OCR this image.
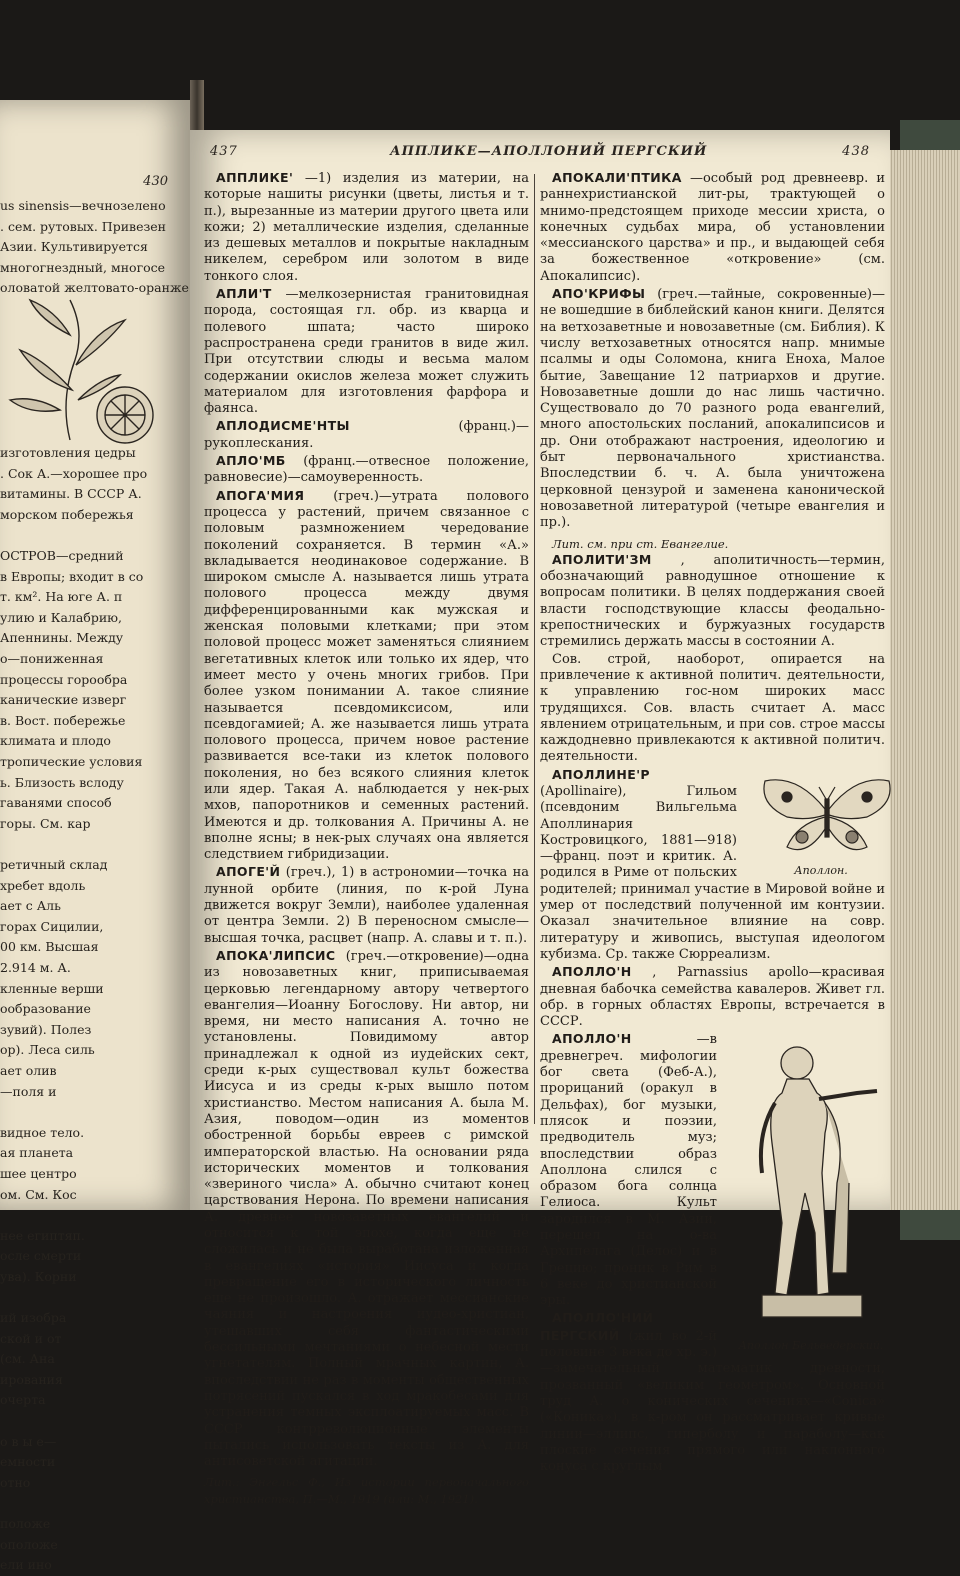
430
us sinensis—вечнозелено
. сем. рутовых. Привезен
Азии. Культивируется
многогнездный, многосе
оловатой желтовато-оранже

изготовления цедры
. Сок А.—хорошее про
витамины. В СССР А.
морском побережья

ОСТРОВ—средний
в Европы; входит в со
т. км². На юге А. п
улию и Калабрию,
Апеннины. Между
о—пониженная
процессы горообра
канические изверг
в. Вост. побережье
климата и плодо
тропические условия
ь. Близость вслоду
гаванями способ
горы. См. кар

ретичный склад
хребет вдоль
ает с Аль
горах Сицилии,
00 км. Высшая
2.914 м. А.
кленные верши
ообразование
зувий). Полез
ор). Леса силь
ает олив
—поля и

видное тело.
ая планета
шее центро
ом. См. Кос

нее египтяп.
осле смерти
ува). Корни

ий изобра
ской и от
(см. Ана
ирования
очерта

о в ы е—
емности
отно

положе
оположе
ели ино
437	АППЛИКЕ—АПОЛЛОНИЙ ПЕРГСКИЙ	438

АППЛИКЕ' —1) изделия из материи, на которые нашиты рисунки (цветы, листья и т. п.), вырезанные из материи другого цвета или кожи; 2) металлические изделия, сделанные из дешевых металлов и покрытые накладным никелем, серебром или золотом в виде тонкого слоя.

АПЛИ'Т —мелкозернистая гранитовидная порода, состоящая гл. обр. из кварца и полевого шпата; часто широко распространена среди гранитов в виде жил. При отсутствии слюды и весьма малом содержании окислов железа может служить материалом для изготовления фарфора и фаянса.

АПЛОДИСМЕ'НТЫ	(франц.)—рукоплескания.

АПЛО'МБ (франц.—отвесное положение, равновесие)—самоуверенность.

АПОГА'МИЯ (греч.)—утрата полового процесса у растений, причем связанное с половым размножением чередование поколений сохраняется. В термин «А.» вкладывается неодинаковое содержание. В широком смысле А. называется лишь утрата полового процесса между двумя дифференцированными как мужская и женская половыми клетками; при этом половой процесс может заменяться слиянием вегетативных клеток или только их ядер, что имеет место у очень многих грибов. При более узком понимании А. такое слияние называется псевдомиксисом, или псевдогамией; А. же называется лишь утрата полового процесса, причем новое растение развивается все-таки из клеток полового поколения, но без всякого слияния клеток или ядер. Такая А. наблюдается у нек-рых мхов, папоротников и семенных растений. Имеются и др. толкования А. Причины А. не вполне ясны; в нек-рых случаях она является следствием гибридизации.

АПОГЕ'Й (греч.), 1) в астрономии—точка на лунной орбите (линия, по к-рой Луна движется вокруг Земли), наиболее удаленная от центра Земли. 2) В переносном смысле—высшая точка, расцвет (напр. А. славы и т. п.).

АПОКА'ЛИПСИС (греч.—откровение)—одна из новозаветных книг, приписываемая церковью легендарному автору четвертого евангелия—Иоанну Богослову. Ни автор, ни время, ни место написания А. точно не установлены. Повидимому автор принадлежал к одной из иудейских сект, среди к-рых существовал культ божества Иисуса и из среды к-рых вышло потом христианство. Местом написания А. была М. Азия, поводом—один из моментов обостренной борьбы евреев с римской императорской властью. На основании ряда исторических моментов и толкования «звериного числа» А. обычно считают конец царствования Нерона. По времени написания А. древнее новозаветных евангелий и относится к той эпохе, когда еще не сложилась и не была выработана изложенная в евангелиях «история» Иисуса и когда превращение его в исторического личность еще не произошло. А. отражает мессианские чаяния и настроения иудео-христиан, утешавших себя фантастическими бессильными мечтаниями о небесной мести угнетателям. Полный мрачных картин, А. впоследствии не раз в моменты общественных потрясений пускался в ход мракобесами для устранения темных эксплоатируемых масс. В СССР контрреволюционные элементы пытались использовать тексты из А. для антисоветской агитации.

Лит.: Энгельс Ф., Из истории первоначального христианства, П.—М., 1919 (или: М., 1921).

АПОКАЛИ'ПТИКА —особый род древнеевр. и раннехристианской лит-ры, трактующей о мнимо-предстоящем приходе мессии христа, о конечных судьбах мира, об установлении «мессианского царства» и пр., и выдающей себя за божественное «откровение» (см. Апокалипсис).

АПО'КРИФЫ (греч.—тайные, сокровенные)—не вошедшие в библейский канон книги. Делятся на ветхозаветные и новозаветные (см. Библия). К числу ветхозаветных относятся напр. мнимые псалмы и оды Соломона, книга Еноха, Малое бытие, Завещание 12 патриархов и другие. Новозаветные дошли до нас лишь частично. Существовало до 70 разного рода евангелий, много апостольских посланий, апокалипсисов и др. Они отображают настроения, идеологию и быт первоначального христианства. Впоследствии б. ч. А. была уничтожена церковной цензурой и заменена канонической новозаветной литературой (четыре евангелия и пр.).

Лит. см. при ст. Евангелие.

АПОЛИТИ'ЗМ , аполитичность—термин, обозначающий равнодушное отношение к вопросам политики. В целях поддержания своей власти господствующие классы феодально-крепостнических и буржуазных государств стремились держать массы в состоянии А.

Сов. строй, наоборот, опирается на привлечение к активной политич. деятельности, к управлению гос-ном широких масс трудящихся. Сов. власть считает А. масс явлением отрицательным, и при сов. строе массы каждодневно привлекаются к активной политич. деятельности.

Аполлон.
АПОЛЛИНЕ'Р (Apollinaire), Гильом (псевдоним Вильгельма Аполлинария Костровицкого, 1881—918)—франц. поэт и критик. А. родился в Риме от польских родителей; принимал участие в Мировой войне и умер от последствий полученной им контузии. Оказал значительное влияние на совр. литературу и живопись, выступая идеологом кубизма. Ср. также Сюрреализм.

АПОЛЛО'Н , Parnassius apollo—красивая дневная бабочка семейства кавалеров. Живет гл. обр. в горных областях Европы, встречается в СССР.

Аполлон Бельведерский.
АПОЛЛО'Н	—в древнегреч. мифологии бог света (Феб-А.), прорицаний (оракул в Дельфах), бог музыки, плясок и поэзии, предводитель муз; впоследствии образ Аполлона слился с образом бога солнца Гелиоса. Культ зародился в М. Азии, перешел на о-ва Архипелага (Делос) и в Грецию; проник в Рим в 6 веке до христианской эры.

АПОЛЛО'НИЙ ПЕРГСКИЙ (жил во 2-й половине 3 века до хр. э.)—замечательный математик древности, прозванный «великим геометром». Основной труд А. о конических сечениях—«Conica» («Коника»), в к-ром он рассматривает кривые линии—эллипс, гиперболу и параболу—как плоские сечения прямого или наклонного конуса с круглым
